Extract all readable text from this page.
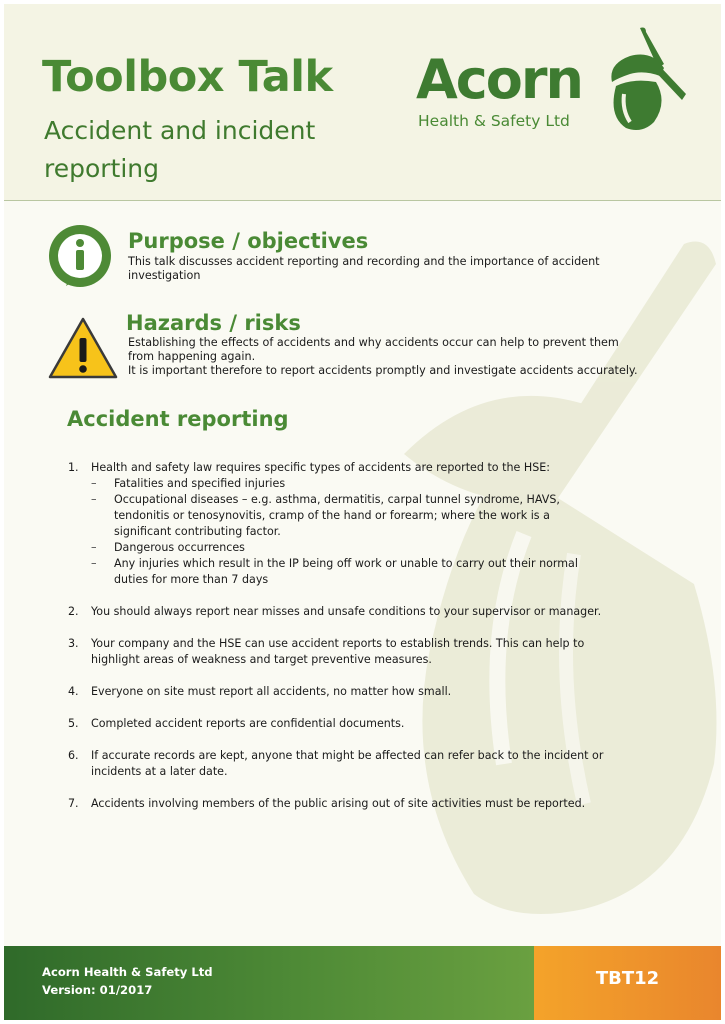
Toolbox Talk
Accident and incident reporting

Acorn

Health & Safety Ltd

Purpose / objectives

This talk discusses accident reporting and recording and the importance of accident investigation

Hazards / risks

Establishing the effects of accidents and why accidents occur can help to prevent them from happening again.

It is important therefore to report accidents promptly and investigate accidents accurately.

Accident reporting
1. Health and safety law requires specific types of accidents are reported to the HSE:
– Fatalities and specified injuries
– Occupational diseases – e.g. asthma, dermatitis, carpal tunnel syndrome, HAVS, tendonitis or tenosynovitis, cramp of the hand or forearm; where the work is a significant contributing factor.
– Dangerous occurrences
– Any injuries which result in the IP being off work or unable to carry out their normal duties for more than 7 days
2. You should always report near misses and unsafe conditions to your supervisor or manager.
3. Your company and the HSE can use accident reports to establish trends. This can help to highlight areas of weakness and target preventive measures.
4. Everyone on site must report all accidents, no matter how small.
5. Completed accident reports are confidential documents.
6. If accurate records are kept, anyone that might be affected can refer back to the incident or incidents at a later date.
7. Accidents involving members of the public arising out of site activities must be reported.

Acorn Health & Safety Ltd

Version: 01/2017

TBT12
